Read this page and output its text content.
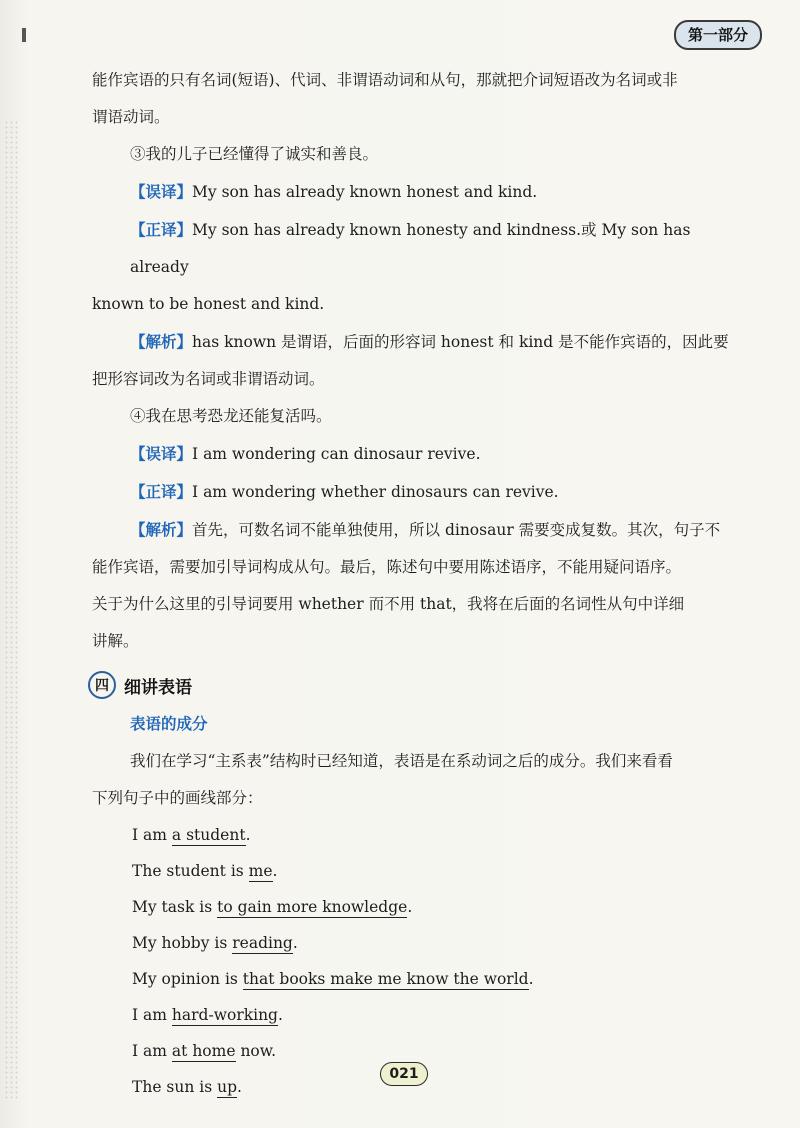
第一部分

能作宾语的只有名词(短语)、代词、非谓语动词和从句，那就把介词短语改为名词或非

谓语动词。

③我的儿子已经懂得了诚实和善良。

【误译】My son has already known honest and kind.

【正译】My son has already known honesty and kindness.或 My son has already

known to be honest and kind.

【解析】has known 是谓语，后面的形容词 honest 和 kind 是不能作宾语的，因此要

把形容词改为名词或非谓语动词。

④我在思考恐龙还能复活吗。

【误译】I am wondering can dinosaur revive.

【正译】I am wondering whether dinosaurs can revive.

【解析】首先，可数名词不能单独使用，所以 dinosaur 需要变成复数。其次，句子不

能作宾语，需要加引导词构成从句。最后，陈述句中要用陈述语序，不能用疑问语序。

关于为什么这里的引导词要用 whether 而不用 that，我将在后面的名词性从句中详细

讲解。

四 细讲表语

表语的成分

我们在学习“主系表”结构时已经知道，表语是在系动词之后的成分。我们来看看

下列句子中的画线部分：

I am a student.

The student is me.

My task is to gain more knowledge.

My hobby is reading.

My opinion is that books make me know the world.

I am hard-working.

I am at home now.

The sun is up.

021
